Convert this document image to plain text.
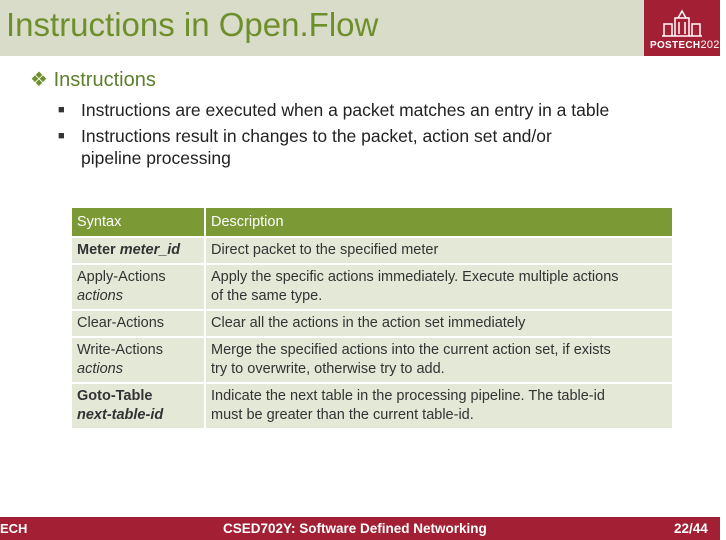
Instructions in Open.Flow
POSTECH2020
❖ Instructions
■ Instructions are executed when a packet matches an entry in a table
■ Instructions result in changes to the packet, action set and/or
pipeline processing
Syntax	Description
Meter meter_id	Direct packet to the specified meter
Apply-Actions
actions	Apply the specific actions immediately. Execute multiple actions
of the same type.
Clear-Actions	Clear all the actions in the action set immediately
Write-Actions
actions	Merge the specified actions into the current action set, if exists
try to overwrite, otherwise try to add.
Goto-Table
next-table-id	Indicate the next table in the processing pipeline. The table-id
must be greater than the current table-id.
ECH	CSED702Y: Software Defined Networking	22/44
